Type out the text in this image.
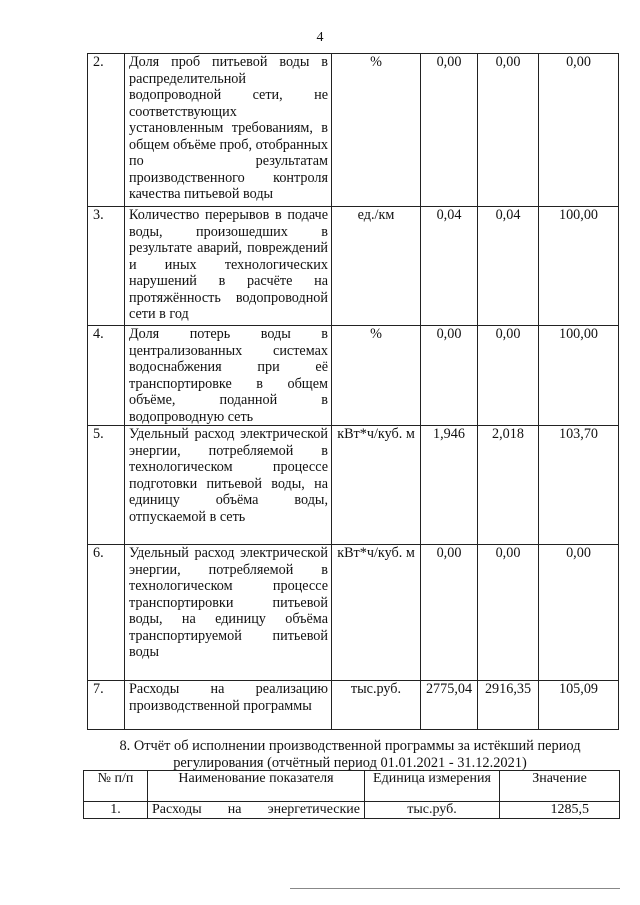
4
2.	Доля проб питьевой воды в распределительной водопроводной сети, не соответствующих установленным требованиям, в общем объёме проб, отобранных по результатам производственного контроля качества питьевой воды	%	0,00	0,00	0,00
3.	Количество перерывов в подаче воды, произошедших в результате аварий, повреждений и иных технологических нарушений в расчёте на протяжённость водопроводной сети в год	ед./км	0,04	0,04	100,00
4.	Доля потерь воды в централизованных системах водоснабжения при её транспортировке в общем объёме, поданной в водопроводную сеть	%	0,00	0,00	100,00
5.	Удельный расход электрической энергии, потребляемой в технологическом процессе подготовки питьевой воды, на единицу объёма воды, отпускаемой в сеть	кВт*ч/куб. м	1,946	2,018	103,70
6.	Удельный расход электрической энергии, потребляемой в технологическом процессе транспортировки питьевой воды, на единицу объёма транспортируемой питьевой воды	кВт*ч/куб. м	0,00	0,00	0,00
7.	Расходы на реализацию производственной программы	тыс.руб.	2775,04	2916,35	105,09
8. Отчёт об исполнении производственной программы за истёкший период регулирования (отчётный период 01.01.2021 - 31.12.2021)
№ п/п	Наименование показателя	Единица измерения	Значение
1.	Расходы на энергетические	тыс.руб.	1285,5
